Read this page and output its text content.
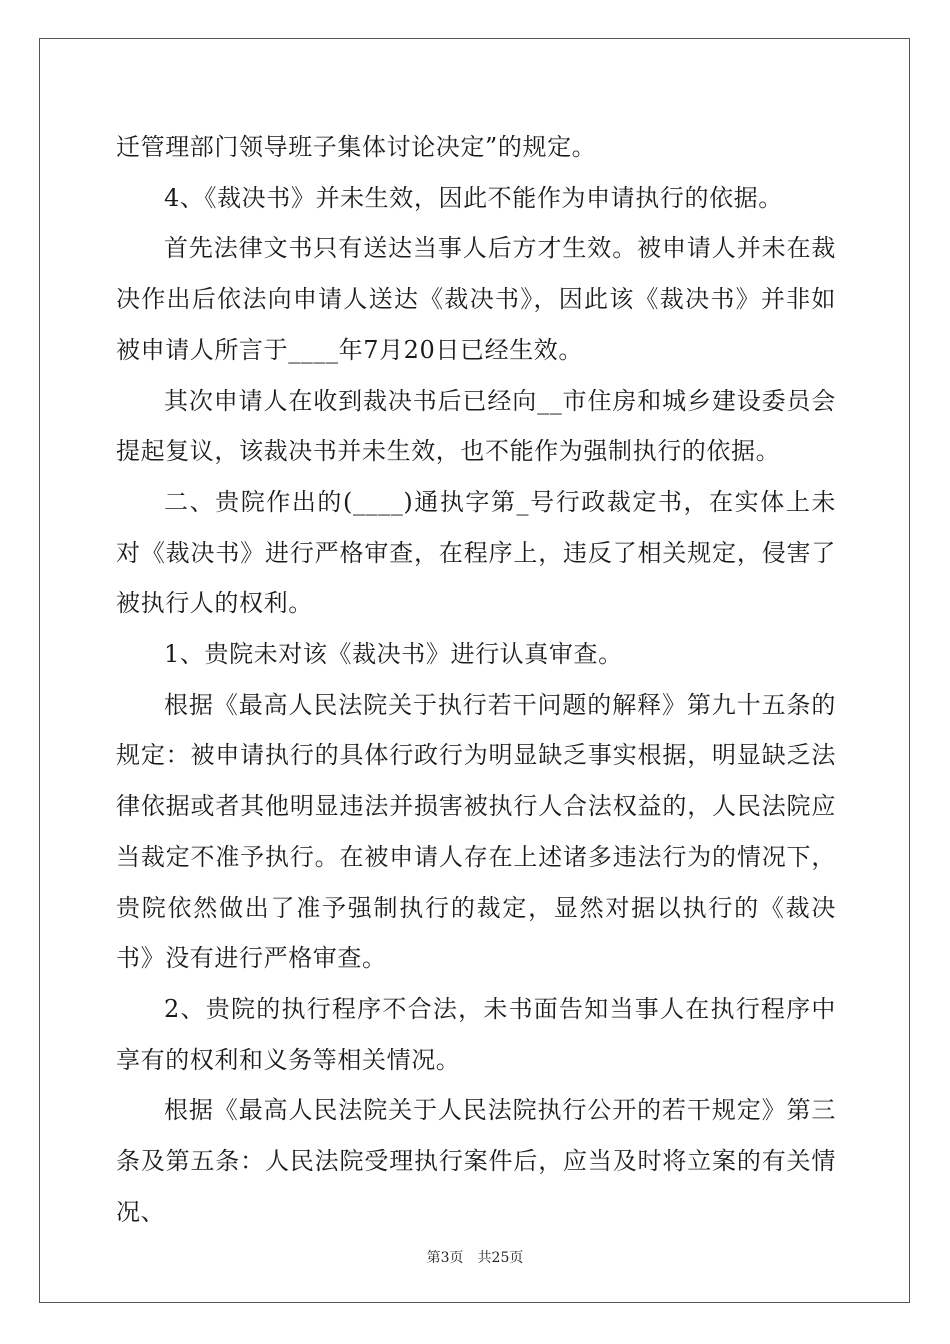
迁管理部门领导班子集体讨论决定”的规定。

4、《裁决书》并未生效，因此不能作为申请执行的依据。

首先法律文书只有送达当事人后方才生效。被申请人并未在裁决作出后依法向申请人送达《裁决书》，因此该《裁决书》并非如被申请人所言于____年7月20日已经生效。

其次申请人在收到裁决书后已经向__市住房和城乡建设委员会提起复议，该裁决书并未生效，也不能作为强制执行的依据。

二、贵院作出的(____)通执字第_号行政裁定书，在实体上未对《裁决书》进行严格审查，在程序上，违反了相关规定，侵害了被执行人的权利。

1、贵院未对该《裁决书》进行认真审查。

根据《最高人民法院关于执行若干问题的解释》第九十五条的规定：被申请执行的具体行政行为明显缺乏事实根据，明显缺乏法律依据或者其他明显违法并损害被执行人合法权益的，人民法院应当裁定不准予执行。在被申请人存在上述诸多违法行为的情况下，贵院依然做出了准予强制执行的裁定，显然对据以执行的《裁决书》没有进行严格审查。

2、贵院的执行程序不合法，未书面告知当事人在执行程序中享有的权利和义务等相关情况。

根据《最高人民法院关于人民法院执行公开的若干规定》第三条及第五条：人民法院受理执行案件后，应当及时将立案的有关情况、

第3页 共25页
